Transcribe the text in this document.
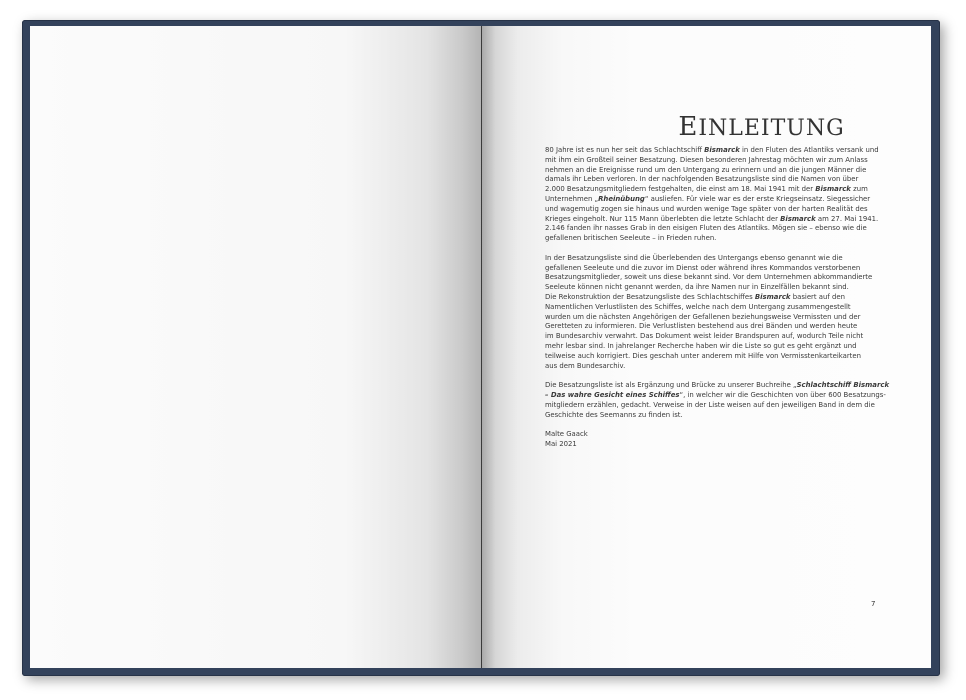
EINLEITUNG

80 Jahre ist es nun her seit das Schlachtschiff Bismarck in den Fluten des Atlantiks versank und
mit ihm ein Großteil seiner Besatzung. Diesen besonderen Jahrestag möchten wir zum Anlass
nehmen an die Ereignisse rund um den Untergang zu erinnern und an die jungen Männer die
damals ihr Leben verloren. In der nachfolgenden Besatzungsliste sind die Namen von über
2.000 Besatzungsmitgliedern festgehalten, die einst am 18. Mai 1941 mit der Bismarck zum
Unternehmen „Rheinübung“ ausliefen. Für viele war es der erste Kriegseinsatz. Siegessicher
und wagemutig zogen sie hinaus und wurden wenige Tage später von der harten Realität des
Krieges eingeholt. Nur 115 Mann überlebten die letzte Schlacht der Bismarck am 27. Mai 1941.
2.146 fanden ihr nasses Grab in den eisigen Fluten des Atlantiks. Mögen sie – ebenso wie die
gefallenen britischen Seeleute – in Frieden ruhen.

In der Besatzungsliste sind die Überlebenden des Untergangs ebenso genannt wie die
gefallenen Seeleute und die zuvor im Dienst oder während ihres Kommandos verstorbenen
Besatzungsmitglieder, soweit uns diese bekannt sind. Vor dem Unternehmen abkommandierte
Seeleute können nicht genannt werden, da ihre Namen nur in Einzelfällen bekannt sind.
Die Rekonstruktion der Besatzungsliste des Schlachtschiffes Bismarck basiert auf den
Namentlichen Verlustlisten des Schiffes, welche nach dem Untergang zusammengestellt
wurden um die nächsten Angehörigen der Gefallenen beziehungsweise Vermissten und der
Geretteten zu informieren. Die Verlustlisten bestehend aus drei Bänden und werden heute
im Bundesarchiv verwahrt. Das Dokument weist leider Brandspuren auf, wodurch Teile nicht
mehr lesbar sind. In jahrelanger Recherche haben wir die Liste so gut es geht ergänzt und
teilweise auch korrigiert. Dies geschah unter anderem mit Hilfe von Vermisstenkarteikarten
aus dem Bundesarchiv.

Die Besatzungsliste ist als Ergänzung und Brücke zu unserer Buchreihe „Schlachtschiff Bismarck
– Das wahre Gesicht eines Schiffes“, in welcher wir die Geschichten von über 600 Besatzungs-
mitgliedern erzählen, gedacht. Verweise in der Liste weisen auf den jeweiligen Band in dem die
Geschichte des Seemanns zu finden ist.

Malte Gaack
Mai 2021

7
